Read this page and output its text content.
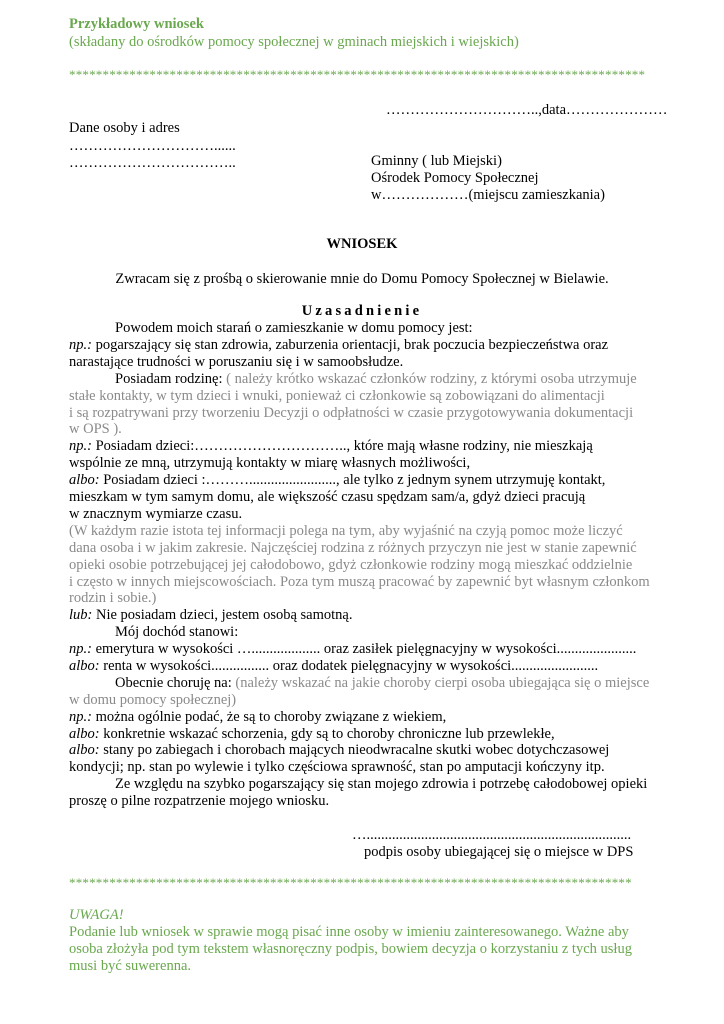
Przykładowy wniosek
(składany do ośrodków pomocy społecznej w gminach miejskich i wiejskich)
**************************************************************************************
…………………………..,data…………………
Dane osoby i adres
…………………………......
……………………………..	Gminny ( lub Miejski)
Ośrodek Pomocy Społecznej
w………………(miejscu zamieszkania)
WNIOSEK
Zwracam się z prośbą o skierowanie mnie do Domu Pomocy Społecznej w Bielawie.
Uzasadnienie
Powodem moich starań o zamieszkanie w domu pomocy jest:
np.: pogarszający się stan zdrowia, zaburzenia orientacji, brak poczucia bezpieczeństwa oraz
narastające trudności w poruszaniu się i w samoobsłudze.
Posiadam rodzinę: ( należy krótko wskazać członków rodziny, z którymi osoba utrzymuje
stałe kontakty, w tym dzieci i wnuki, ponieważ ci członkowie są zobowiązani do alimentacji
i są rozpatrywani przy tworzeniu Decyzji o odpłatności w czasie przygotowywania dokumentacji
w OPS ).
np.: Posiadam dzieci:………………………….., które mają własne rodziny, nie mieszkają
wspólnie ze mną, utrzymują kontakty w miarę własnych możliwości,
albo: Posiadam dzieci :………........................, ale tylko z jednym synem utrzymuję kontakt,
mieszkam w tym samym domu, ale większość czasu spędzam sam/a, gdyż dzieci pracują
w znacznym wymiarze czasu.
(W każdym razie istota tej informacji polega na tym, aby wyjaśnić na czyją pomoc może liczyć
dana osoba i w jakim zakresie. Najczęściej rodzina z różnych przyczyn nie jest w stanie zapewnić
opieki osobie potrzebującej jej całodobowo, gdyż członkowie rodziny mogą mieszkać oddzielnie
i często w innych miejscowościach. Poza tym muszą pracować by zapewnić byt własnym członkom
rodzin i sobie.)
lub: Nie posiadam dzieci, jestem osobą samotną.
Mój dochód stanowi:
np.: emerytura w wysokości …................... oraz zasiłek pielęgnacyjny w wysokości......................
albo: renta w wysokości................ oraz dodatek pielęgnacyjny w wysokości........................
Obecnie choruję na: (należy wskazać na jakie choroby cierpi osoba ubiegająca się o miejsce
w domu pomocy społecznej)
np.: można ogólnie podać, że są to choroby związane z wiekiem,
albo: konkretnie wskazać schorzenia, gdy są to choroby chroniczne lub przewlekłe,
albo: stany po zabiegach i chorobach mających nieodwracalne skutki wobec dotychczasowej
kondycji; np. stan po wylewie i tylko częściowa sprawność, stan po amputacji kończyny itp.
Ze względu na szybko pogarszający się stan mojego zdrowia i potrzebę całodobowej opieki
proszę o pilne rozpatrzenie mojego wniosku.
….........................................................................
podpis osoby ubiegającej się o miejsce w DPS
************************************************************************************
UWAGA!
Podanie lub wniosek w sprawie mogą pisać inne osoby w imieniu zainteresowanego. Ważne aby
osoba złożyła pod tym tekstem własnoręczny podpis, bowiem decyzja o korzystaniu z tych usług
musi być suwerenna.
